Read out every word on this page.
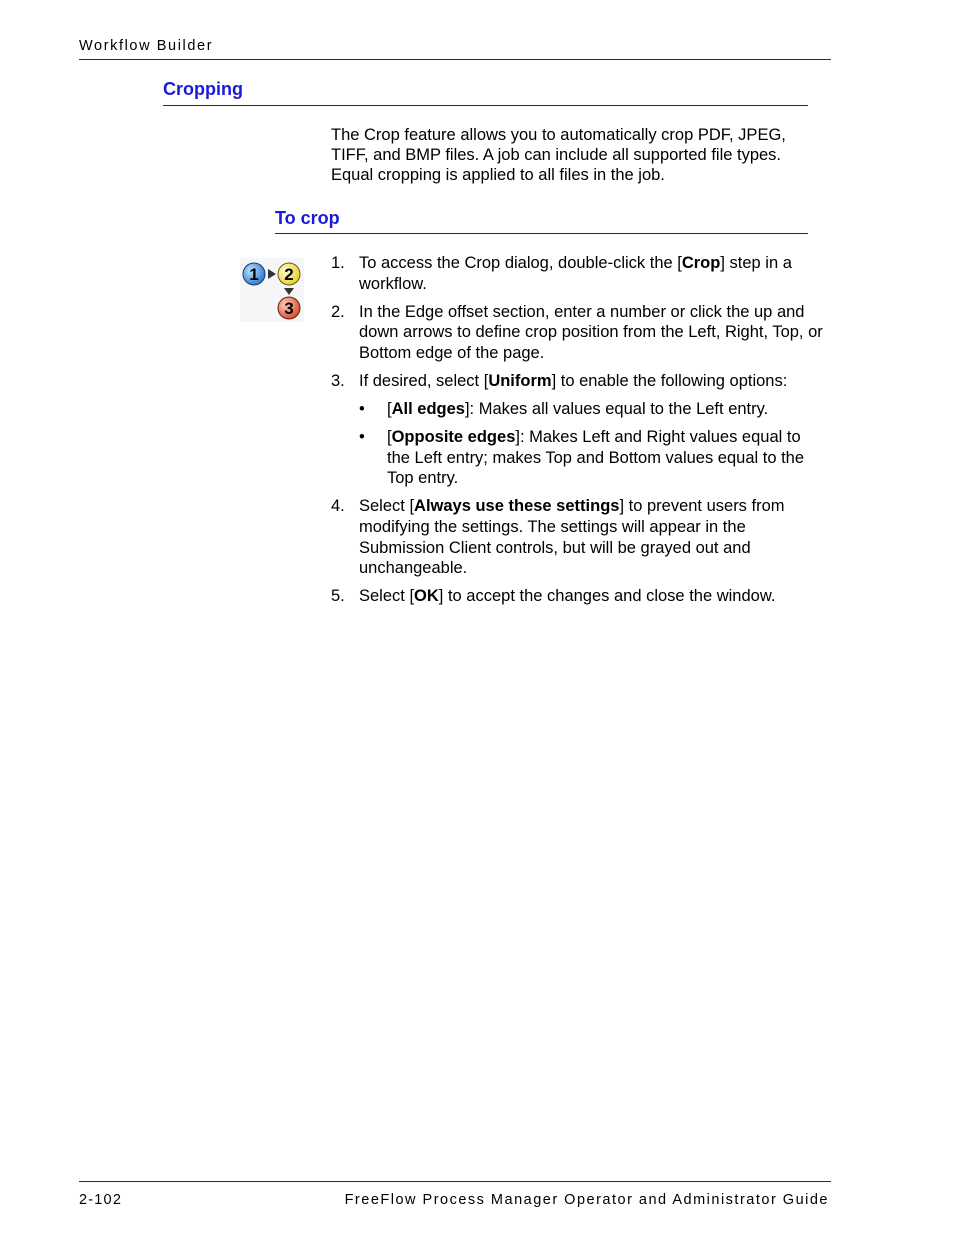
Workflow Builder
Cropping
The Crop feature allows you to automatically crop PDF, JPEG, TIFF, and BMP files. A job can include all supported file types. Equal cropping is applied to all files in the job.
To crop
1 2
3
1. To access the Crop dialog, double-click the [Crop] step in a workflow.
2. In the Edge offset section, enter a number or click the up and down arrows to define crop position from the Left, Right, Top, or Bottom edge of the page.
3. If desired, select [Uniform] to enable the following options:
• [All edges]: Makes all values equal to the Left entry.
• [Opposite edges]: Makes Left and Right values equal to the Left entry; makes Top and Bottom values equal to the Top entry.
4. Select [Always use these settings] to prevent users from modifying the settings. The settings will appear in the Submission Client controls, but will be grayed out and unchangeable.
5. Select [OK] to accept the changes and close the window.
2-102	FreeFlow Process Manager Operator and Administrator Guide
